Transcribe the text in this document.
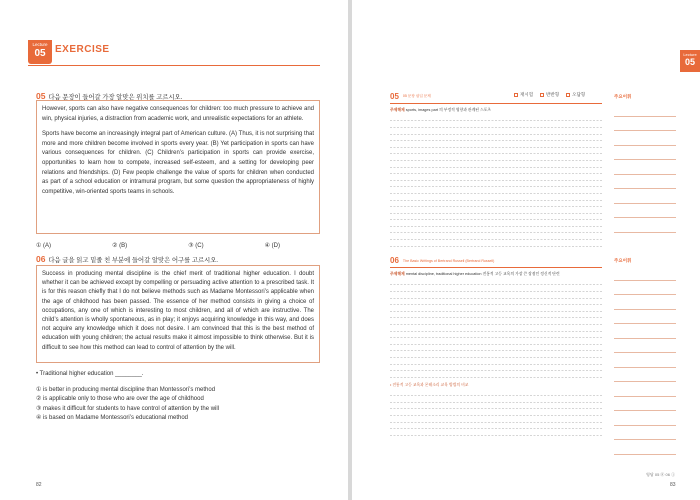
Lecture
05 EXERCISE
05 다음 문장이 들어갈 가장 알맞은 위치를 고르시오.

However, sports can also have negative consequences for children: too much pressure to achieve and win, physical injuries, a distraction from academic work, and unrealistic expectations for an athlete.

Sports have become an increasingly integral part of American culture. (A) Thus, it is not surprising that more and more children become involved in sports every year. (B) Yet participation in sports can have various consequences for children. (C) Children’s participation in sports can provide exercise, opportunities to learn how to compete, increased self-esteem, and a setting for developing peer relations and friendships. (D) Few people challenge the value of sports for children when conducted as part of a school education or intramural program, but some question the appropriateness of highly competitive, win-oriented sports teams in schools.

① (A)	② (B)	③ (C)	④ (D)
06 다음 글을 읽고 밑줄 친 부분에 들어갈 알맞은 어구를 고르시오.

Success in producing mental discipline is the chief merit of traditional higher education. I doubt whether it can be achieved except by compelling or persuading active attention to a prescribed task. It is for this reason chiefly that I do not believe methods such as Madame Montessori’s applicable when the age of childhood has been passed. The essence of her method consists in giving a choice of occupations, any one of which is interesting to most children, and all of which are instructive. The child’s attention is wholly spontaneous, as in play; it enjoys acquiring knowledge in this way, and does not acquire any knowledge which it does not desire. I am convinced that this is the best method of education with young children; the actual results make it almost impossible to think otherwise. But it is difficult to see how this method can lead to control of attention by the will.

• Traditional higher education ________.
① is better in producing mental discipline than Montessori’s method
② is applicable only to those who are over the age of childhood
③ makes it difficult for students to have control of attention by the will
④ is based on Madame Montessori’s educational method
82
Lecture
05
재시험	반반형	오답형
05 05 문장 삽입 문제
주제해제 sports, images part 의 부정적 영향과 관계된 스포츠
주요어휘
06 The Basic Writings of Bertrand Russell (Bertrand Russell)
주제해제 mental discipline, traditional higher education 전통적 고등 교육의 가장 큰 장점인 정신적 단련
• 전통적 고등 교육과 몬테소리 교육 방법의 비교
주요어휘
영답 05 ⑧ 06 ①
83
